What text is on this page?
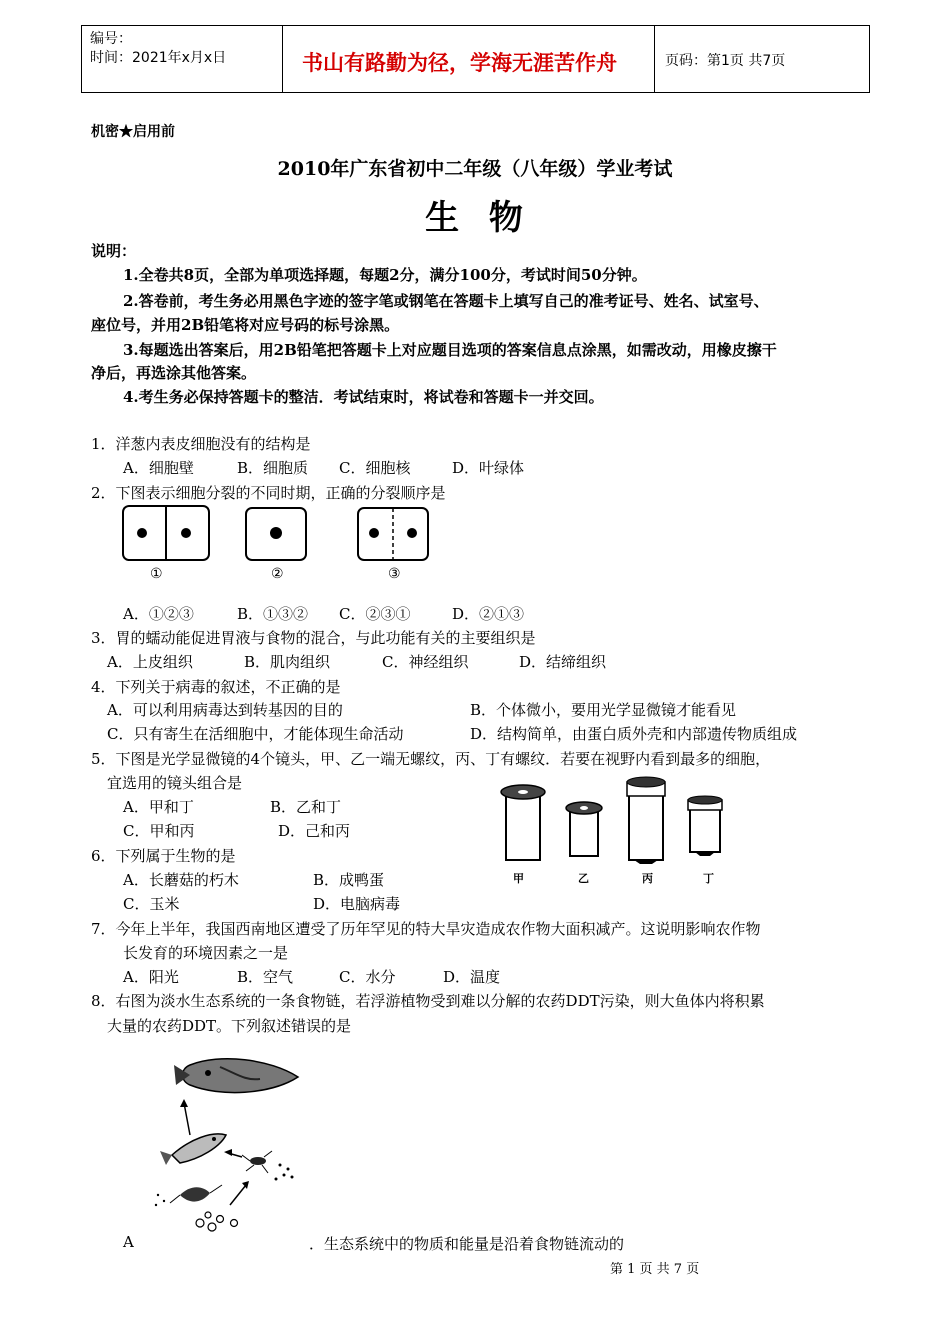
编号：
时间：2021年x月x日	书山有路勤为径，学海无涯苦作舟	页码：第1页 共7页
机密★启用前
2010年广东省初中二年级（八年级）学业考试
生  物
说明：
1.全卷共8页，全部为单项选择题，每题2分，满分100分，考试时间50分钟。
2.答卷前，考生务必用黑色字迹的签字笔或钢笔在答题卡上填写自己的准考证号、姓名、试室号、
座位号，并用2B铅笔将对应号码的标号涂黑。
3.每题选出答案后，用2B铅笔把答题卡上对应题目选项的答案信息点涂黑，如需改动，用橡皮擦干
净后，再选涂其他答案。
4.考生务必保持答题卡的整洁．考试结束时，将试卷和答题卡一并交回。
1．洋葱内表皮细胞没有的结构是
A．细胞壁	B．细胞质 C．细胞核	D．叶绿体
2．下图表示细胞分裂的不同时期，正确的分裂顺序是
①	②	③
A．①②③	B．①③② C．②③①	D．②①③
3．胃的蠕动能促进胃液与食物的混合，与此功能有关的主要组织是
A．上皮组织	B．肌肉组织	C．神经组织	D．结缔组织
4．下列关于病毒的叙述，不正确的是
A．可以利用病毒达到转基因的目的	B．个体微小，要用光学显微镜才能看见
C．只有寄生在活细胞中，才能体现生命活动	D．结构简单，由蛋白质外壳和内部遗传物质组成
5．下图是光学显微镜的4个镜头，甲、乙一端无螺纹，丙、丁有螺纹．若要在视野内看到最多的细胞，
宜选用的镜头组合是
A．甲和丁	B．乙和丁
C．甲和丙	D．己和丙
甲	乙	丙	丁
6．下列属于生物的是
A．长蘑菇的朽木	B．成鸭蛋
C．玉米	D．电脑病毒
7．今年上半年，我国西南地区遭受了历年罕见的特大旱灾造成农作物大面积减产。这说明影响农作物
长发育的环境因素之一是
A．阳光	B．空气	C．水分	D．温度
8．右图为淡水生态系统的一条食物链，若浮游植物受到难以分解的农药DDT污染，则大鱼体内将积累
大量的农药DDT。下列叙述错误的是
A	．生态系统中的物质和能量是沿着食物链流动的
第 1 页 共 7 页
